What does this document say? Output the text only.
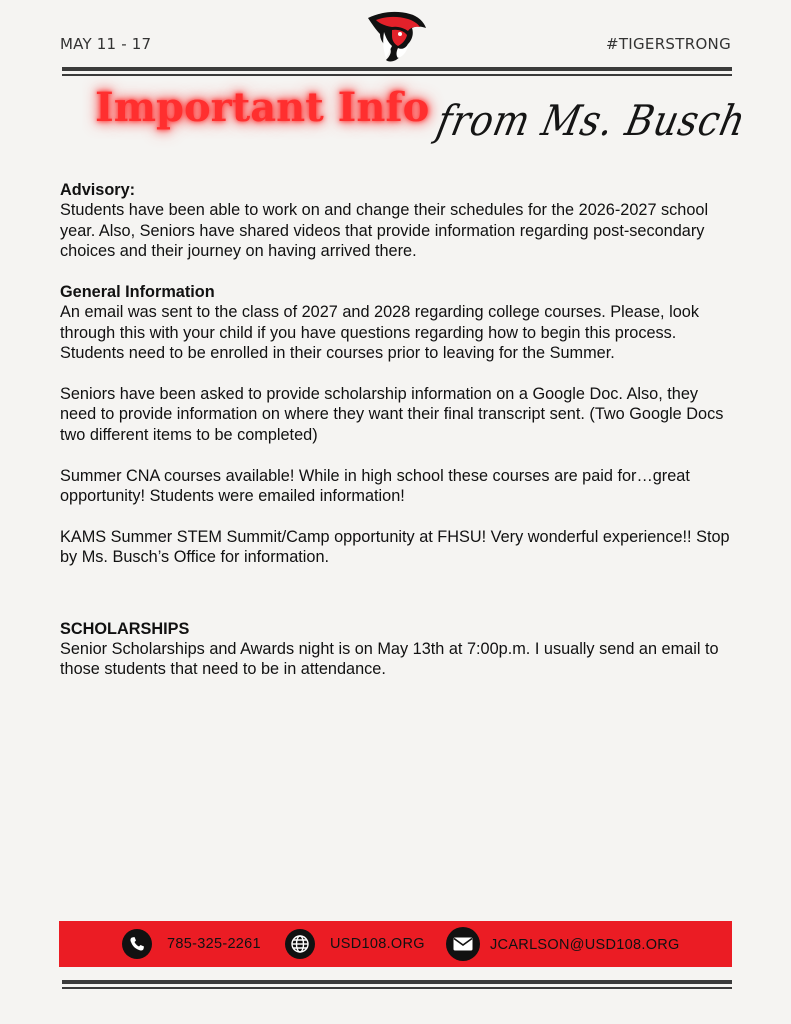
MAY 11 - 17	#TIGERSTRONG
Important Info from Ms. Busch
Advisory:

Students have been able to work on and change their schedules for the 2026-2027 school year. Also, Seniors have shared videos that provide information regarding post-secondary choices and their journey on having arrived there.

General Information

An email was sent to the class of 2027 and 2028 regarding college courses. Please, look through this with your child if you have questions regarding how to begin this process. Students need to be enrolled in their courses prior to leaving for the Summer.

Seniors have been asked to provide scholarship information on a Google Doc. Also, they need to provide information on where they want their final transcript sent. (Two Google Docs two different items to be completed)

Summer CNA courses available! While in high school these courses are paid for…great opportunity! Students were emailed information!

KAMS Summer STEM Summit/Camp opportunity at FHSU! Very wonderful experience!! Stop by Ms. Busch’s Office for information.

SCHOLARSHIPS

Senior Scholarships and Awards night is on May 13th at 7:00p.m. I usually send an email to those students that need to be in attendance.

785-325-2261	USD108.ORG	JCARLSON@USD108.ORG
